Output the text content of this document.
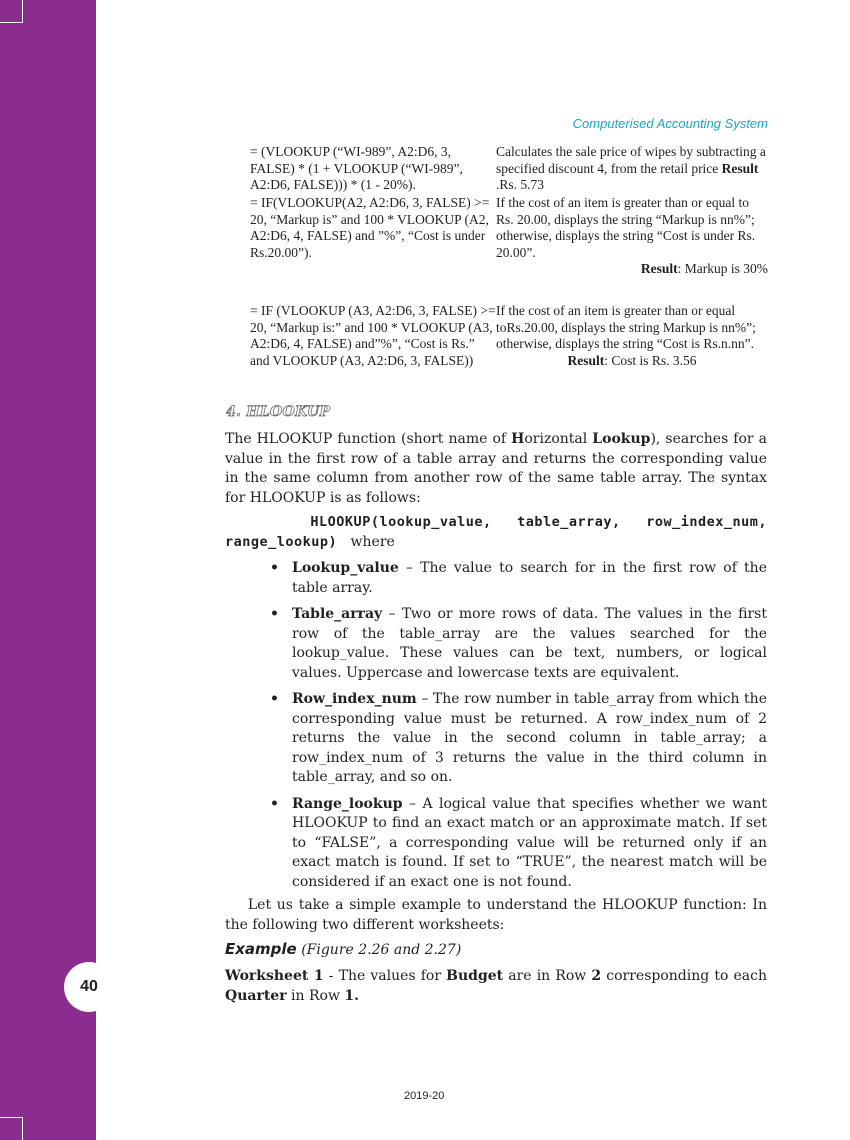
40
Computerised Accounting System
= (VLOOKUP (“WI-989”, A2:D6, 3, FALSE) * (1 + VLOOKUP (“WI-989”, A2:D6, FALSE))) * (1 - 20%).
Calculates the sale price of wipes by subtracting a specified discount 4, from the retail price Result .Rs. 5.73
= IF(VLOOKUP(A2, A2:D6, 3, FALSE) >= 20, “Markup is” and 100 * VLOOKUP (A2, A2:D6, 4, FALSE) and ”%”, “Cost is under Rs.20.00”).
If the cost of an item is greater than or equal to Rs. 20.00, displays the string “Markup is nn%”; otherwise, displays the string “Cost is under Rs. 20.00”.
Result: Markup is 30%
= IF (VLOOKUP (A3, A2:D6, 3, FALSE) >= 20, “Markup is:” and 100 * VLOOKUP (A3, A2:D6, 4, FALSE) and”%”, “Cost is Rs.” and VLOOKUP (A3, A2:D6, 3, FALSE))
If the cost of an item is greater than or equal toRs.20.00, displays the string Markup is nn%”; otherwise, displays the string “Cost is Rs.n.nn”.
Result: Cost is Rs. 3.56
4. HLOOKUP
The HLOOKUP function (short name of Horizontal Lookup), searches for a value in the first row of a table array and returns the corresponding value in the same column from another row of the same table array. The syntax for HLOOKUP is as follows:
HLOOKUP(lookup_value, table_array, row_index_num, range_lookup) where
• Lookup_value – The value to search for in the first row of the table array.
• Table_array – Two or more rows of data. The values in the first row of the table_array are the values searched for the lookup_value. These values can be text, numbers, or logical values. Uppercase and lowercase texts are equivalent.
• Row_index_num – The row number in table_array from which the corresponding value must be returned. A row_index_num of 2 returns the value in the second column in table_array; a row_index_num of 3 returns the value in the third column in table_array, and so on.
• Range_lookup – A logical value that specifies whether we want HLOOKUP to find an exact match or an approximate match. If set to “FALSE”, a corresponding value will be returned only if an exact match is found. If set to “TRUE”, the nearest match will be considered if an exact one is not found.
Let us take a simple example to understand the HLOOKUP function: In the following two different worksheets:
Example (Figure 2.26 and 2.27)
Worksheet 1 - The values for Budget are in Row 2 corresponding to each Quarter in Row 1.
2019-20
